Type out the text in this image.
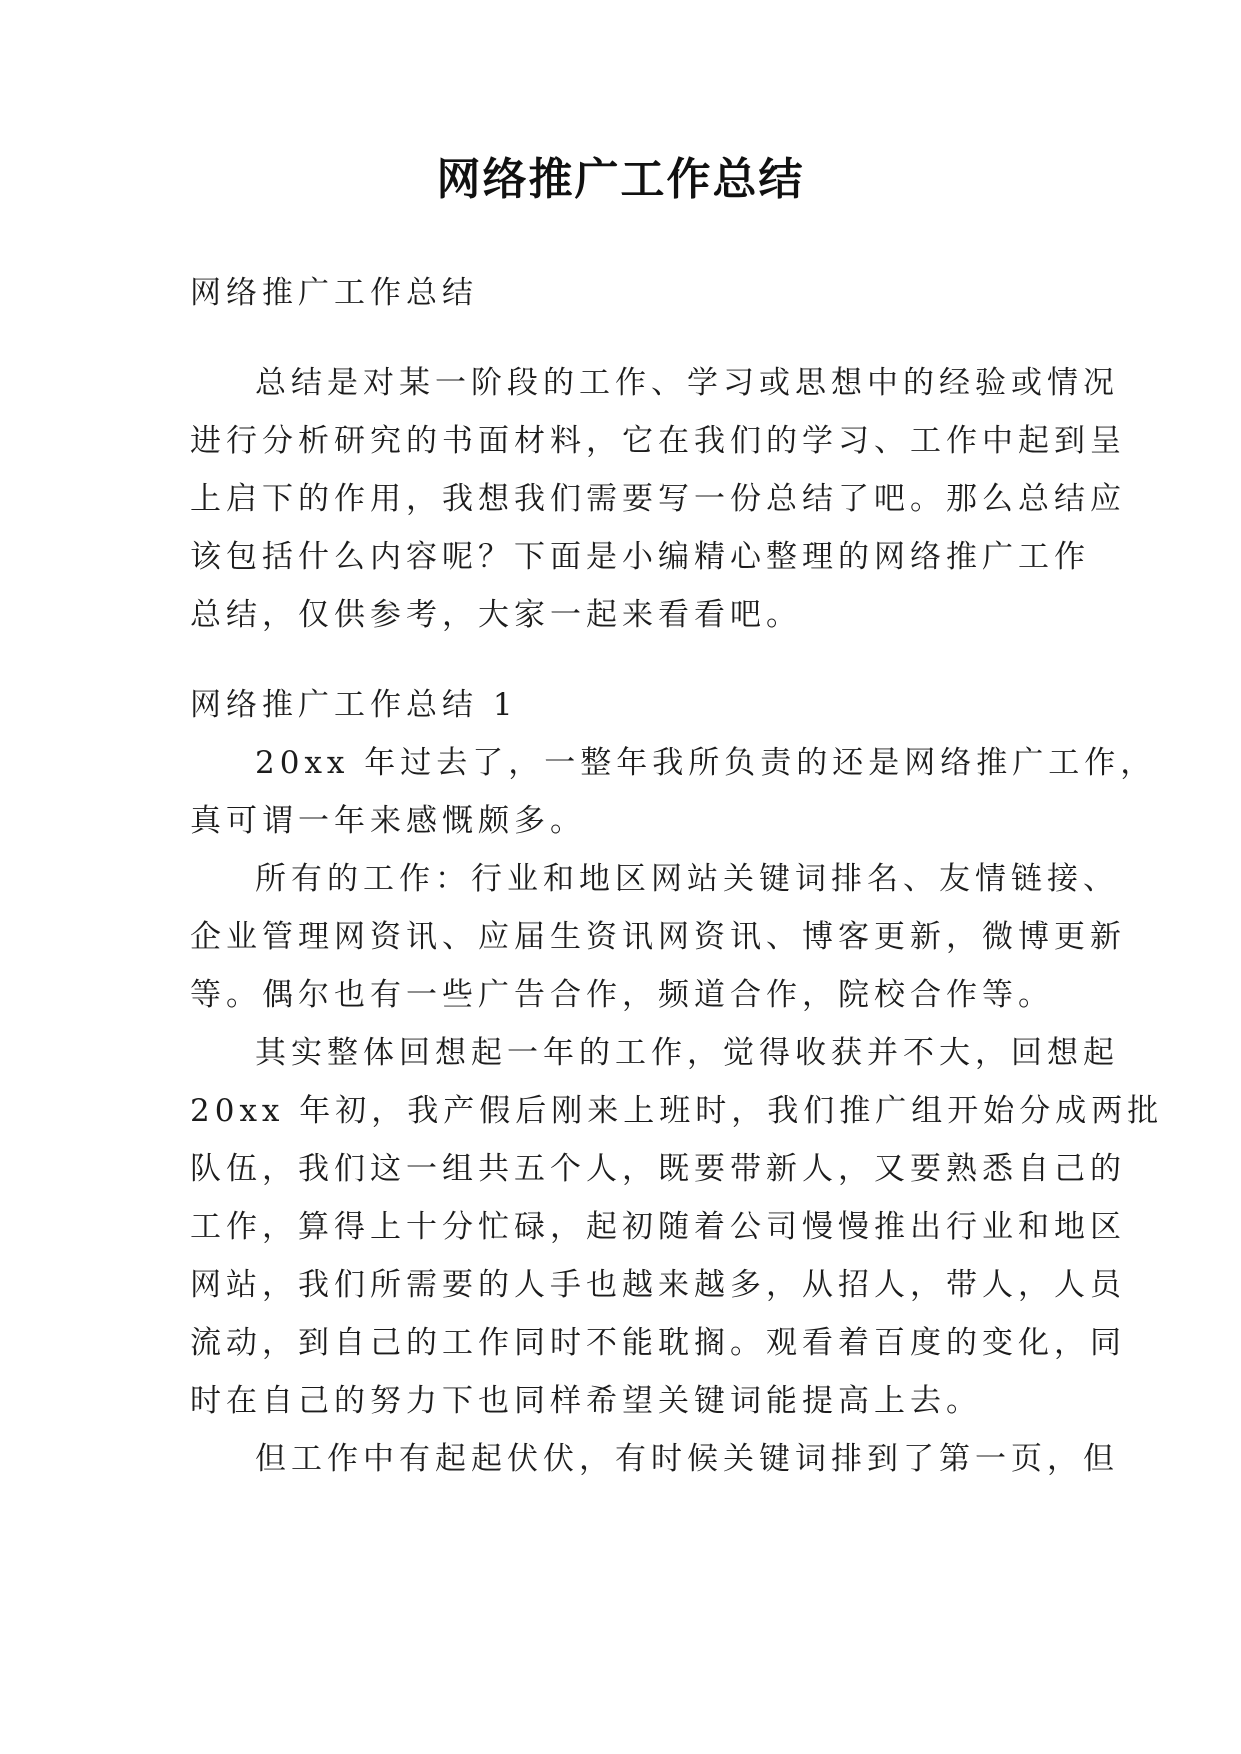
网络推广工作总结
网络推广工作总结
总结是对某一阶段的工作、学习或思想中的经验或情况
进行分析研究的书面材料，它在我们的学习、工作中起到呈
上启下的作用，我想我们需要写一份总结了吧。那么总结应
该包括什么内容呢？下面是小编精心整理的网络推广工作
总结，仅供参考，大家一起来看看吧。
网络推广工作总结 1
20xx 年过去了，一整年我所负责的还是网络推广工作，
真可谓一年来感慨颇多。
所有的工作：行业和地区网站关键词排名、友情链接、
企业管理网资讯、应届生资讯网资讯、博客更新，微博更新
等。偶尔也有一些广告合作，频道合作，院校合作等。
其实整体回想起一年的工作，觉得收获并不大，回想起
20xx 年初，我产假后刚来上班时，我们推广组开始分成两批
队伍，我们这一组共五个人，既要带新人，又要熟悉自己的
工作，算得上十分忙碌，起初随着公司慢慢推出行业和地区
网站，我们所需要的人手也越来越多，从招人，带人，人员
流动，到自己的工作同时不能耽搁。观看着百度的变化，同
时在自己的努力下也同样希望关键词能提高上去。
但工作中有起起伏伏，有时候关键词排到了第一页，但
